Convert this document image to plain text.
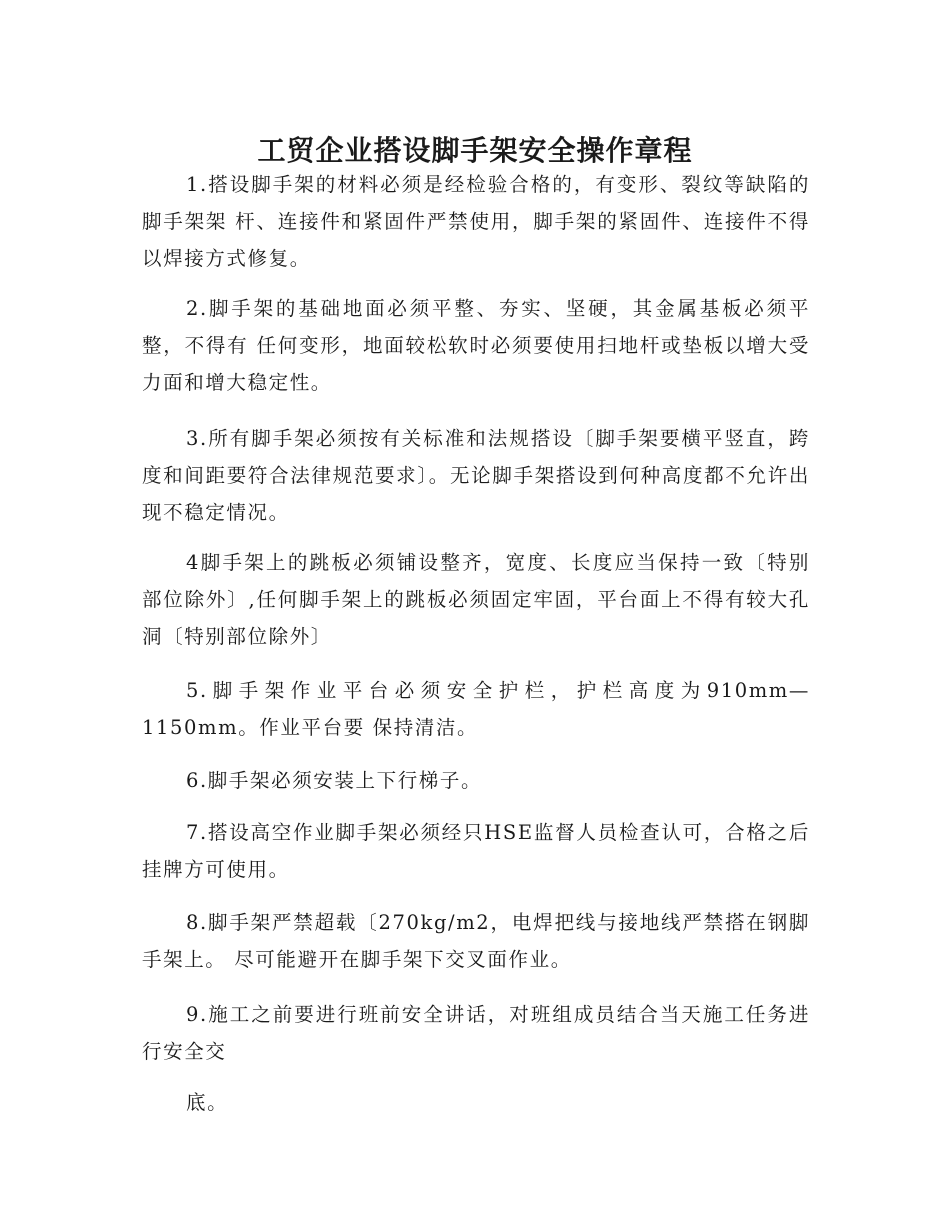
工贸企业搭设脚手架安全操作章程

1.搭设脚手架的材料必须是经检验合格的，有变形、裂纹等缺陷的脚手架架 杆、连接件和紧固件严禁使用，脚手架的紧固件、连接件不得以焊接方式修复。

2.脚手架的基础地面必须平整、夯实、坚硬，其金属基板必须平整，不得有 任何变形，地面较松软时必须要使用扫地杆或垫板以增大受力面和增大稳定性。

3.所有脚手架必须按有关标准和法规搭设〔脚手架要横平竖直，跨度和间距要符合法律规范要求〕。无论脚手架搭设到何种高度都不允许出现不稳定情况。

4脚手架上的跳板必须铺设整齐，宽度、长度应当保持一致〔特别部位除外〕,任何脚手架上的跳板必须固定牢固，平台面上不得有较大孔洞〔特别部位除外〕

5.脚手架作业平台必须安全护栏，护栏高度为910mm—1150mm。作业平台要 保持清洁。

6.脚手架必须安装上下行梯子。

7.搭设高空作业脚手架必须经只HSE监督人员检查认可，合格之后挂牌方可使用。

8.脚手架严禁超载〔270kg/m2，电焊把线与接地线严禁搭在钢脚手架上。 尽可能避开在脚手架下交叉面作业。

9.施工之前要进行班前安全讲话，对班组成员结合当天施工任务进行安全交

底。
